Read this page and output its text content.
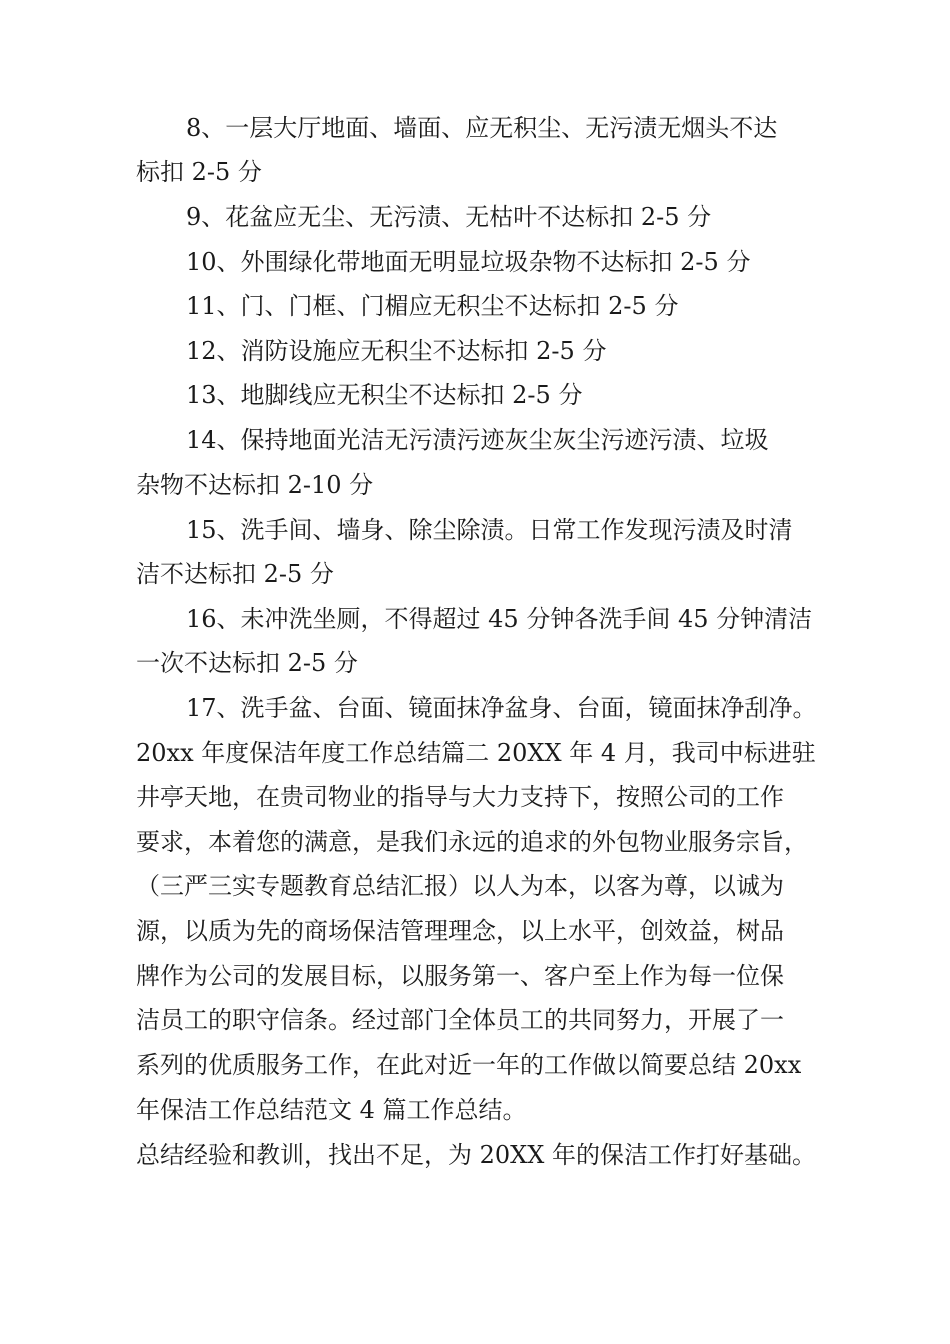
8、一层大厅地面、墙面、应无积尘、无污渍无烟头不达
标扣 2-5 分
9、花盆应无尘、无污渍、无枯叶不达标扣 2-5 分
10、外围绿化带地面无明显垃圾杂物不达标扣 2-5 分
11、门、门框、门楣应无积尘不达标扣 2-5 分
12、消防设施应无积尘不达标扣 2-5 分
13、地脚线应无积尘不达标扣 2-5 分
14、保持地面光洁无污渍污迹灰尘灰尘污迹污渍、垃圾
杂物不达标扣 2-10 分
15、洗手间、墙身、除尘除渍。日常工作发现污渍及时清
洁不达标扣 2-5 分
16、未冲洗坐厕，不得超过 45 分钟各洗手间 45 分钟清洁
一次不达标扣 2-5 分
17、洗手盆、台面、镜面抹净盆身、台面，镜面抹净刮净。
20xx 年度保洁年度工作总结篇二 20XX 年 4 月，我司中标进驻
井亭天地，在贵司物业的指导与大力支持下，按照公司的工作
要求，本着您的满意，是我们永远的追求的外包物业服务宗旨，
（三严三实专题教育总结汇报）以人为本，以客为尊，以诚为
源，以质为先的商场保洁管理理念，以上水平，创效益，树品
牌作为公司的发展目标，以服务第一、客户至上作为每一位保
洁员工的职守信条。经过部门全体员工的共同努力，开展了一
系列的优质服务工作，在此对近一年的工作做以简要总结 20xx
年保洁工作总结范文 4 篇工作总结。
总结经验和教训，找出不足，为 20XX 年的保洁工作打好基础。
